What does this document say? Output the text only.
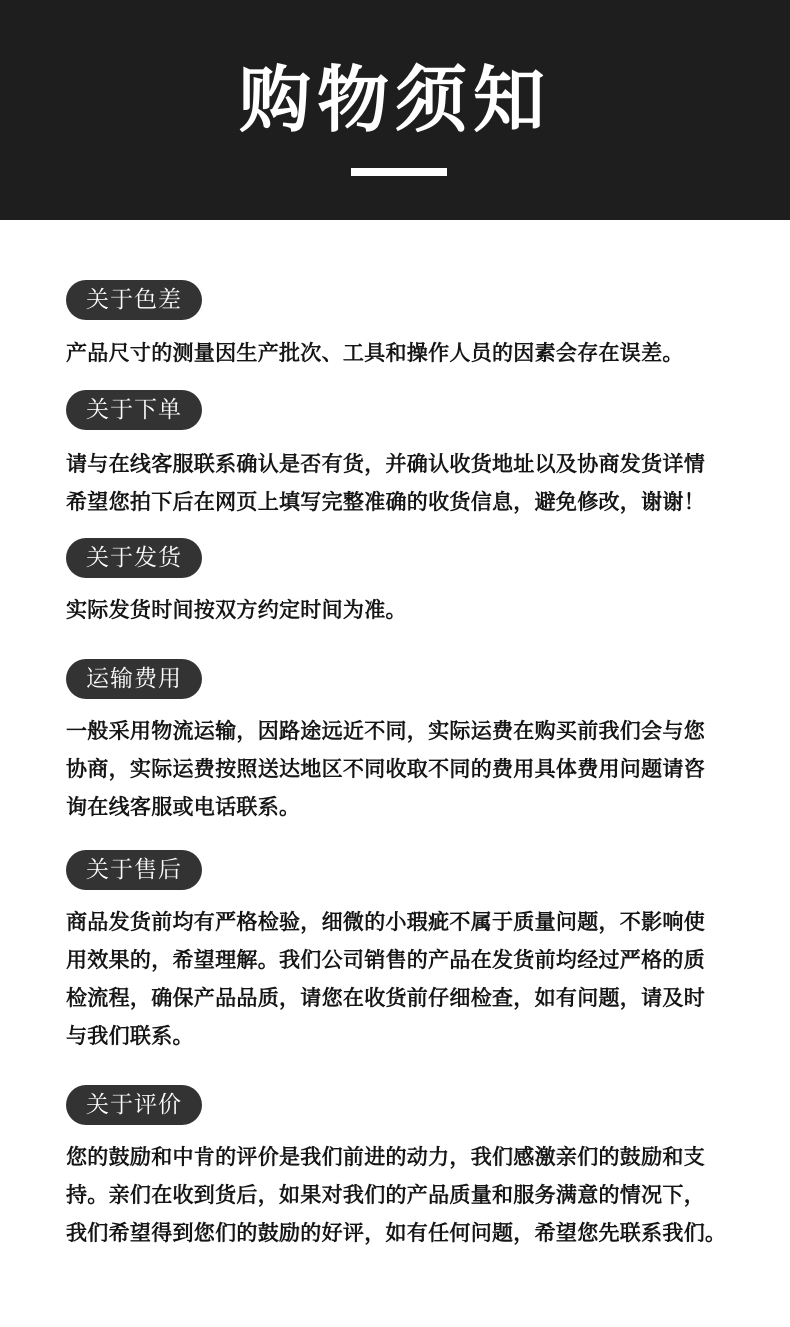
购物须知
关于色差
产品尺寸的测量因生产批次、工具和操作人员的因素会存在误差。
关于下单
请与在线客服联系确认是否有货，并确认收货地址以及协商发货详情
希望您拍下后在网页上填写完整准确的收货信息，避免修改，谢谢！
关于发货
实际发货时间按双方约定时间为准。
运输费用
一般采用物流运输，因路途远近不同，实际运费在购买前我们会与您
协商，实际运费按照送达地区不同收取不同的费用具体费用问题请咨
询在线客服或电话联系。
关于售后
商品发货前均有严格检验，细微的小瑕疵不属于质量问题，不影响使
用效果的，希望理解。我们公司销售的产品在发货前均经过严格的质
检流程，确保产品品质，请您在收货前仔细检查，如有问题，请及时
与我们联系。
关于评价
您的鼓励和中肯的评价是我们前进的动力，我们感激亲们的鼓励和支
持。亲们在收到货后，如果对我们的产品质量和服务满意的情况下，
我们希望得到您们的鼓励的好评，如有任何问题，希望您先联系我们。
